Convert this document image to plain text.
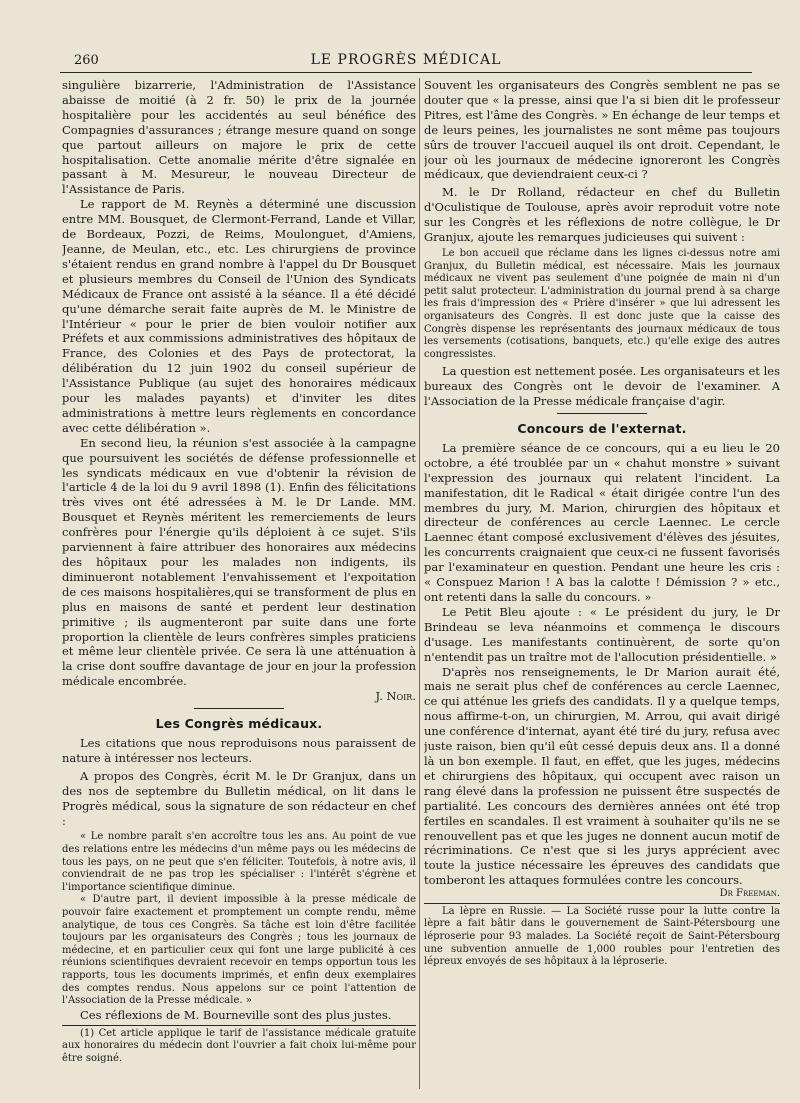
260	LE PROGRÈS MÉDICAL

singulière bizarrerie, l'Administration de l'Assistance abaisse de moitié (à 2 fr. 50) le prix de la journée hospitalière pour les accidentés au seul bénéfice des Compagnies d'assurances ; étrange mesure quand on songe que partout ailleurs on majore le prix de cette hospitalisation. Cette anomalie mérite d'être signalée en passant à M. Mesureur, le nouveau Directeur de l'Assistance de Paris.

Le rapport de M. Reynès a déterminé une discussion entre MM. Bousquet, de Clermont-Ferrand, Lande et Villar, de Bordeaux, Pozzi, de Reims, Moulonguet, d'Amiens, Jeanne, de Meulan, etc., etc. Les chirurgiens de province s'étaient rendus en grand nombre à l'appel du Dr Bousquet et plusieurs membres du Conseil de l'Union des Syndicats Médicaux de France ont assisté à la séance. Il a été décidé qu'une démarche serait faite auprès de M. le Ministre de l'Intérieur « pour le prier de bien vouloir notifier aux Préfets et aux commissions administratives des hôpitaux de France, des Colonies et des Pays de protectorat, la délibération du 12 juin 1902 du conseil supérieur de l'Assistance Publique (au sujet des honoraires médicaux pour les malades payants) et d'inviter les dites administrations à mettre leurs règlements en concordance avec cette délibération ».

En second lieu, la réunion s'est associée à la campagne que poursuivent les sociétés de défense professionnelle et les syndicats médicaux en vue d'obtenir la révision de l'article 4 de la loi du 9 avril 1898 (1). Enfin des félicitations très vives ont été adressées à M. le Dr Lande. MM. Bousquet et Reynès méritent les remerciements de leurs confrères pour l'énergie qu'ils déploient à ce sujet. S'ils parviennent à faire attribuer des honoraires aux médecins des hôpitaux pour les malades non indigents, ils diminueront notablement l'envahissement et l'expoitation de ces maisons hospitalières,qui se transforment de plus en plus en maisons de santé et perdent leur destination primitive ; ils augmenteront par suite dans une forte proportion la clientèle de leurs confrères simples praticiens et même leur clientèle privée. Ce sera là une atténuation à la crise dont souffre davantage de jour en jour la profession médicale encombrée.

J. Noir.

Les Congrès médicaux.

Les citations que nous reproduisons nous paraissent de nature à intéresser nos lecteurs.

A propos des Congrès, écrit M. le Dr Granjux, dans un des nos de septembre du Bulletin médical, on lit dans le Progrès médical, sous la signature de son rédacteur en chef :

« Le nombre paraît s'en accroître tous les ans. Au point de vue des relations entre les médecins d'un même pays ou les médecins de tous les pays, on ne peut que s'en féliciter. Toutefois, à notre avis, il conviendrait de ne pas trop les spécialiser : l'intérêt s'égrène et l'importance scientifique diminue.

« D'autre part, il devient impossible à la presse médicale de pouvoir faire exactement et promptement un compte rendu, même analytique, de tous ces Congrès. Sa tâche est loin d'être facilitée toujours par les organisateurs des Congrès ; tous les journaux de médecine, et en particulier ceux qui font une large publicité à ces réunions scientifiques devraient recevoir en temps opportun tous les rapports, tous les documents imprimés, et enfin deux exemplaires des comptes rendus. Nous appelons sur ce point l'attention de l'Association de la Presse médicale. »

Ces réflexions de M. Bourneville sont des plus justes.

(1) Cet article applique le tarif de l'assistance médicale gratuite aux honoraires du médecin dont l'ouvrier a fait choix lui-même pour être soigné.

Souvent les organisateurs des Congrès semblent ne pas se douter que « la presse, ainsi que l'a si bien dit le professeur Pitres, est l'âme des Congrès. » En échange de leur temps et de leurs peines, les journalistes ne sont même pas toujours sûrs de trouver l'accueil auquel ils ont droit. Cependant, le jour où les journaux de médecine ignoreront les Congrès médicaux, que deviendraient ceux-ci ?

M. le Dr Rolland, rédacteur en chef du Bulletin d'Oculistique de Toulouse, après avoir reproduit votre note sur les Congrès et les réflexions de notre collègue, le Dr Granjux, ajoute les remarques judicieuses qui suivent :

Le bon accueil que réclame dans les lignes ci-dessus notre ami Granjux, du Bulletin médical, est nécessaire. Mais les journaux médicaux ne vivent pas seulement d'une poignée de main ni d'un petit salut protecteur. L'administration du journal prend à sa charge les frais d'impression des « Prière d'insérer » que lui adressent les organisateurs des Congrès. Il est donc juste que la caisse des Congrès dispense les représentants des journaux médicaux de tous les versements (cotisations, banquets, etc.) qu'elle exige des autres congressistes.

La question est nettement posée. Les organisateurs et les bureaux des Congrès ont le devoir de l'examiner. A l'Association de la Presse médicale française d'agir.

Concours de l'externat.

La première séance de ce concours, qui a eu lieu le 20 octobre, a été troublée par un « chahut monstre » suivant l'expression des journaux qui relatent l'incident. La manifestation, dit le Radical « était dirigée contre l'un des membres du jury, M. Marion, chirurgien des hôpitaux et directeur de conférences au cercle Laennec. Le cercle Laennec étant composé exclusivement d'élèves des jésuites, les concurrents craignaient que ceux-ci ne fussent favorisés par l'examinateur en question. Pendant une heure les cris : « Conspuez Marion ! A bas la calotte ! Démission ? » etc., ont retenti dans la salle du concours. »

Le Petit Bleu ajoute : « Le président du jury, le Dr Brindeau se leva néanmoins et commença le discours d'usage. Les manifestants continuèrent, de sorte qu'on n'entendit pas un traître mot de l'allocution présidentielle. »

D'après nos renseignements, le Dr Marion aurait été, mais ne serait plus chef de conférences au cercle Laennec, ce qui atténue les griefs des candidats. Il y a quelque temps, nous affirme-t-on, un chirurgien, M. Arrou, qui avait dirigé une conférence d'internat, ayant été tiré du jury, refusa avec juste raison, bien qu'il eût cessé depuis deux ans. Il a donné là un bon exemple. Il faut, en effet, que les juges, médecins et chirurgiens des hôpitaux, qui occupent avec raison un rang élevé dans la profession ne puissent être suspectés de partialité. Les concours des dernières années ont été trop fertiles en scandales. Il est vraiment à souhaiter qu'ils ne se renouvellent pas et que les juges ne donnent aucun motif de récriminations. Ce n'est que si les jurys apprécient avec toute la justice nécessaire les épreuves des candidats que tomberont les attaques formulées contre les concours.

Dr Freeman.

La lèpre en Russie. — La Société russe pour la lutte contre la lèpre a fait bâtir dans le gouvernement de Saint-Pétersbourg une léproserie pour 93 malades. La Société reçoit de Saint-Pétersbourg une subvention annuelle de 1,000 roubles pour l'entretien des lépreux envoyés de ses hôpitaux à la léproserie.
